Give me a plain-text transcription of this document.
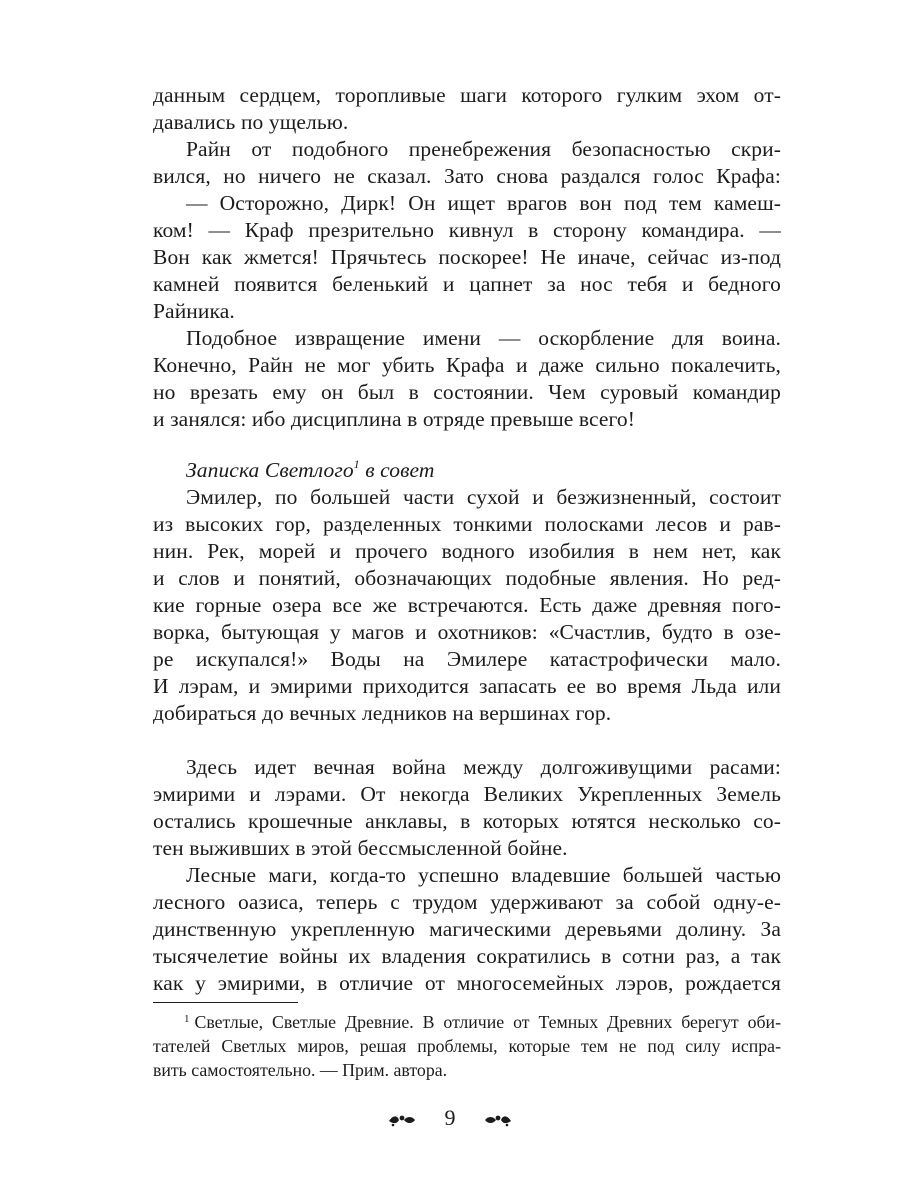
данным сердцем, торопливые шаги которого гулким эхом от-
давались по ущелью.
Райн от подобного пренебрежения безопасностью скри-
вился, но ничего не сказал. Зато снова раздался голос Крафа:
— Осторожно, Дирк! Он ищет врагов вон под тем камеш-
ком! — Краф презрительно кивнул в сторону командира. —
Вон как жмется! Прячьтесь поскорее! Не иначе, сейчас из-под
камней появится беленький и цапнет за нос тебя и бедного
Райника.
Подобное извращение имени — оскорбление для воина.
Конечно, Райн не мог убить Крафа и даже сильно покалечить,
но врезать ему он был в состоянии. Чем суровый командир
и занялся: ибо дисциплина в отряде превыше всего!
Записка Светлого$^1$ в совет
Эмилер, по большей части сухой и безжизненный, состоит
из высоких гор, разделенных тонкими полосками лесов и рав-
нин. Рек, морей и прочего водного изобилия в нем нет, как
и слов и понятий, обозначающих подобные явления. Но ред-
кие горные озера все же встречаются. Есть даже древняя пого-
ворка, бытующая у магов и охотников: «Счастлив, будто в озе-
ре искупался!» Воды на Эмилере катастрофически мало.
И лэрам, и эмирими приходится запасать ее во время Льда или
добираться до вечных ледников на вершинах гор.
Здесь идет вечная война между долгоживущими расами:
эмирими и лэрами. От некогда Великих Укрепленных Земель
остались крошечные анклавы, в которых ютятся несколько со-
тен выживших в этой бессмысленной бойне.
Лесные маги, когда-то успешно владевшие большей частью
лесного оазиса, теперь с трудом удерживают за собой одну-е-
динственную укрепленную магическими деревьями долину. За
тысячелетие войны их владения сократились в сотни раз, а так
как у эмирими, в отличие от многосемейных лэров, рождается
$^1$ Светлые, Светлые Древние. В отличие от Темных Древних берегут оби-
тателей Светлых миров, решая проблемы, которые тем не под силу испра-
вить самостоятельно. — Прим. автора.
9
